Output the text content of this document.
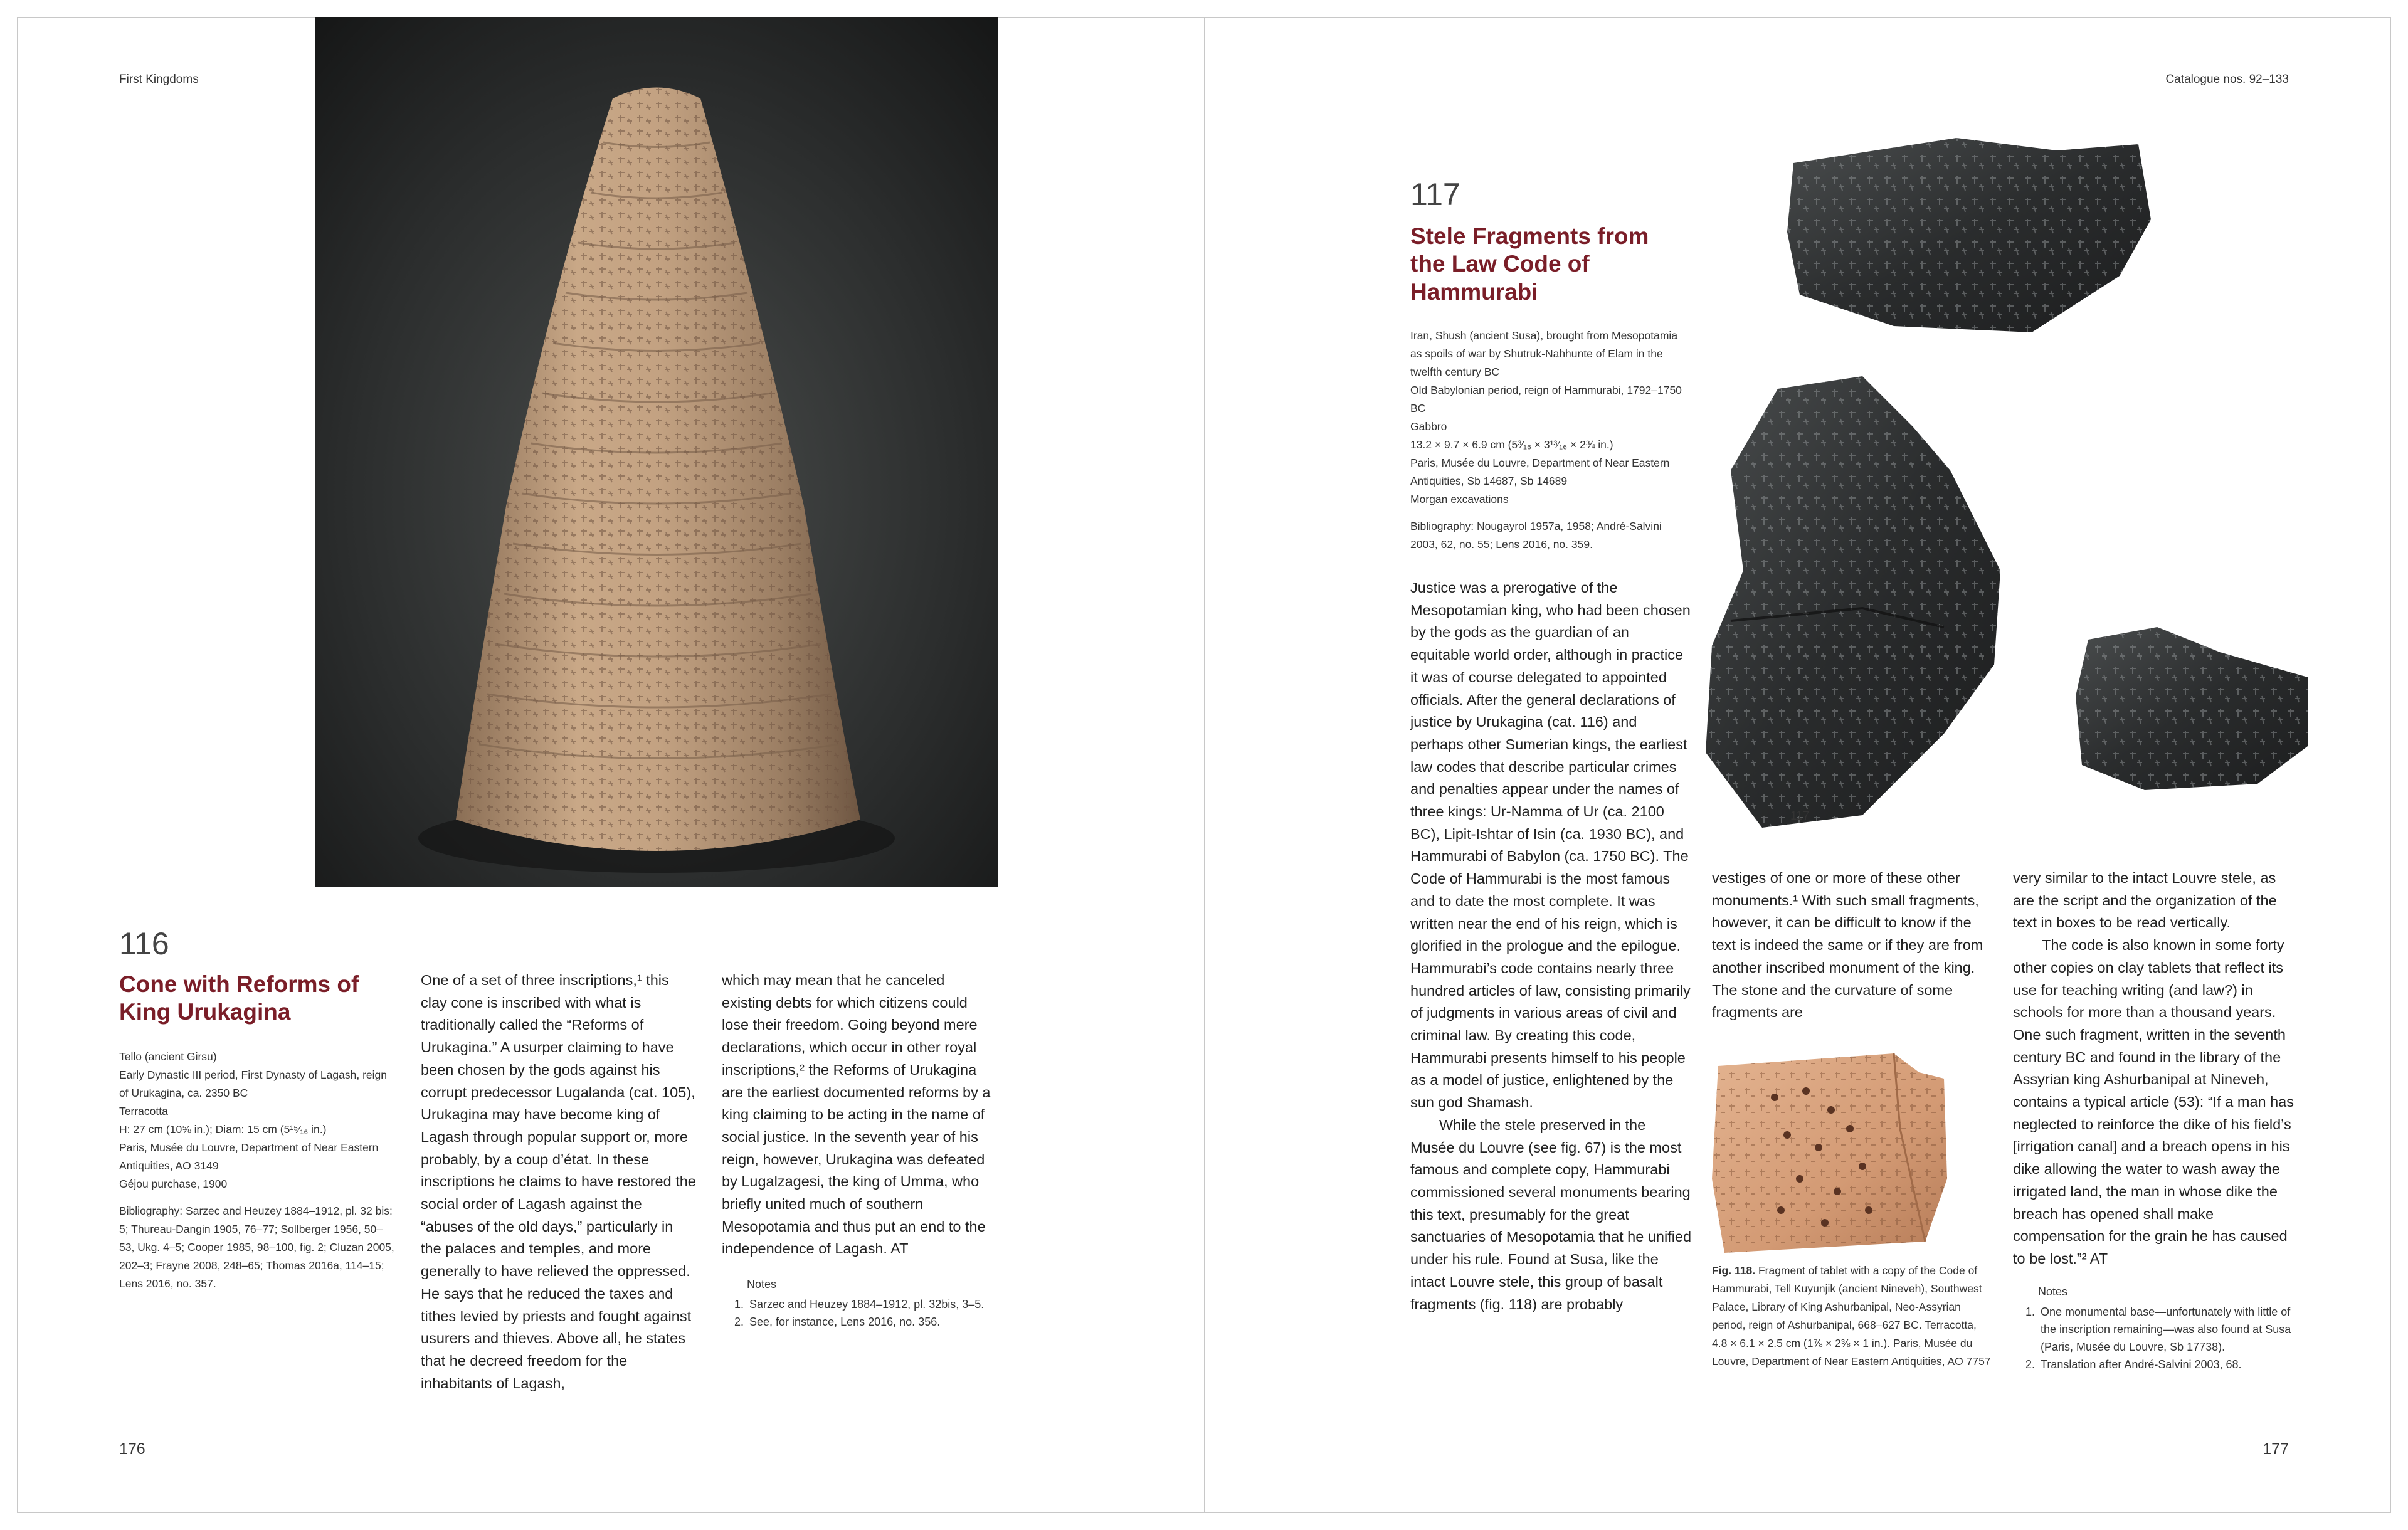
First Kingdoms
116
Cone with Reforms of King Urukagina

Tello (ancient Girsu)

Early Dynastic III period, First Dynasty of Lagash, reign of Urukagina, ca. 2350 BC

Terracotta

H: 27 cm (10⅝ in.); Diam: 15 cm (5¹⁵⁄₁₆ in.)

Paris, Musée du Louvre, Department of Near Eastern Antiquities, AO 3149

Géjou purchase, 1900

Bibliography: Sarzec and Heuzey 1884–1912, pl. 32 bis: 5; Thureau-Dangin 1905, 76–77; Sollberger 1956, 50–53, Ukg. 4–5; Cooper 1985, 98–100, fig. 2; Cluzan 2005, 202–3; Frayne 2008, 248–65; Thomas 2016a, 114–15; Lens 2016, no. 357.

One of a set of three inscriptions,¹ this clay cone is inscribed with what is traditionally called the “Reforms of Urukagina.” A usurper claiming to have been chosen by the gods against his corrupt predecessor Lugalanda (cat. 105), Urukagina may have become king of Lagash through popular support or, more probably, by a coup d’état. In these inscriptions he claims to have restored the social order of Lagash against the “abuses of the old days,” particularly in the palaces and temples, and more generally to have relieved the oppressed. He says that he reduced the taxes and tithes levied by priests and fought against usurers and thieves. Above all, he states that he decreed freedom for the inhabitants of Lagash,

which may mean that he canceled existing debts for which citizens could lose their freedom. Going beyond mere declarations, which occur in other royal inscriptions,² the Reforms of Urukagina are the earliest documented reforms by a king claiming to be acting in the name of social justice. In the seventh year of his reign, however, Urukagina was defeated by Lugalzagesi, the king of Umma, who briefly united much of southern Mesopotamia and thus put an end to the independence of Lagash. AT

Notes
1. Sarzec and Heuzey 1884–1912, pl. 32bis, 3–5.
2. See, for instance, Lens 2016, no. 356.
176
Catalogue nos. 92–133
117
Stele Fragments from the Law Code of Hammurabi

Iran, Shush (ancient Susa), brought from Mesopotamia as spoils of war by Shutruk-Nahhunte of Elam in the twelfth century BC

Old Babylonian period, reign of Hammurabi, 1792–1750 BC

Gabbro

13.2 × 9.7 × 6.9 cm (5³⁄₁₆ × 3¹³⁄₁₆ × 2¾ in.)

Paris, Musée du Louvre, Department of Near Eastern Antiquities, Sb 14687, Sb 14689

Morgan excavations

Bibliography: Nougayrol 1957a, 1958; André-Salvini 2003, 62, no. 55; Lens 2016, no. 359.

117

Justice was a prerogative of the Mesopotamian king, who had been chosen by the gods as the guardian of an equitable world order, although in practice it was of course delegated to appointed officials. After the general declarations of justice by Urukagina (cat. 116) and perhaps other Sumerian kings, the earliest law codes that describe particular crimes and penalties appear under the names of three kings: Ur-Namma of Ur (ca. 2100 BC), Lipit-Ishtar of Isin (ca. 1930 BC), and Hammurabi of Babylon (ca. 1750 BC). The Code of Hammurabi is the most famous and to date the most complete. It was written near the end of his reign, which is glorified in the prologue and the epilogue. Hammurabi’s code contains nearly three hundred articles of law, consisting primarily of judgments in various areas of civil and criminal law. By creating this code, Hammurabi presents himself to his people as a model of justice, enlightened by the sun god Shamash.

While the stele preserved in the Musée du Louvre (see fig. 67) is the most famous and complete copy, Hammurabi commissioned several monuments bearing this text, presumably for the great sanctuaries of Mesopotamia that he unified under his rule. Found at Susa, like the intact Louvre stele, this group of basalt fragments (fig. 118) are probably

vestiges of one or more of these other monuments.¹ With such small fragments, however, it can be difficult to know if the text is indeed the same or if they are from another inscribed monument of the king. The stone and the curvature of some fragments are

Fig. 118. Fragment of tablet with a copy of the Code of Hammurabi, Tell Kuyunjik (ancient Nineveh), Southwest Palace, Library of King Ashurbanipal, Neo-Assyrian period, reign of Ashurbanipal, 668–627 BC. Terracotta, 4.8 × 6.1 × 2.5 cm (1⅞ × 2⅜ × 1 in.). Paris, Musée du Louvre, Department of Near Eastern Antiquities, AO 7757

very similar to the intact Louvre stele, as are the script and the organization of the text in boxes to be read vertically.

The code is also known in some forty other copies on clay tablets that reflect its use for teaching writing (and law?) in schools for more than a thousand years. One such fragment, written in the seventh century BC and found in the library of the Assyrian king Ashurbanipal at Nineveh, contains a typical article (53): “If a man has neglected to reinforce the dike of his field’s [irrigation canal] and a breach opens in his dike allowing the water to wash away the irrigated land, the man in whose dike the breach has opened shall make compensation for the grain he has caused to be lost.”² AT

Notes
1. One monumental base—unfortunately with little of the inscription remaining—was also found at Susa (Paris, Musée du Louvre, Sb 17738).
2. Translation after André-Salvini 2003, 68.
177
